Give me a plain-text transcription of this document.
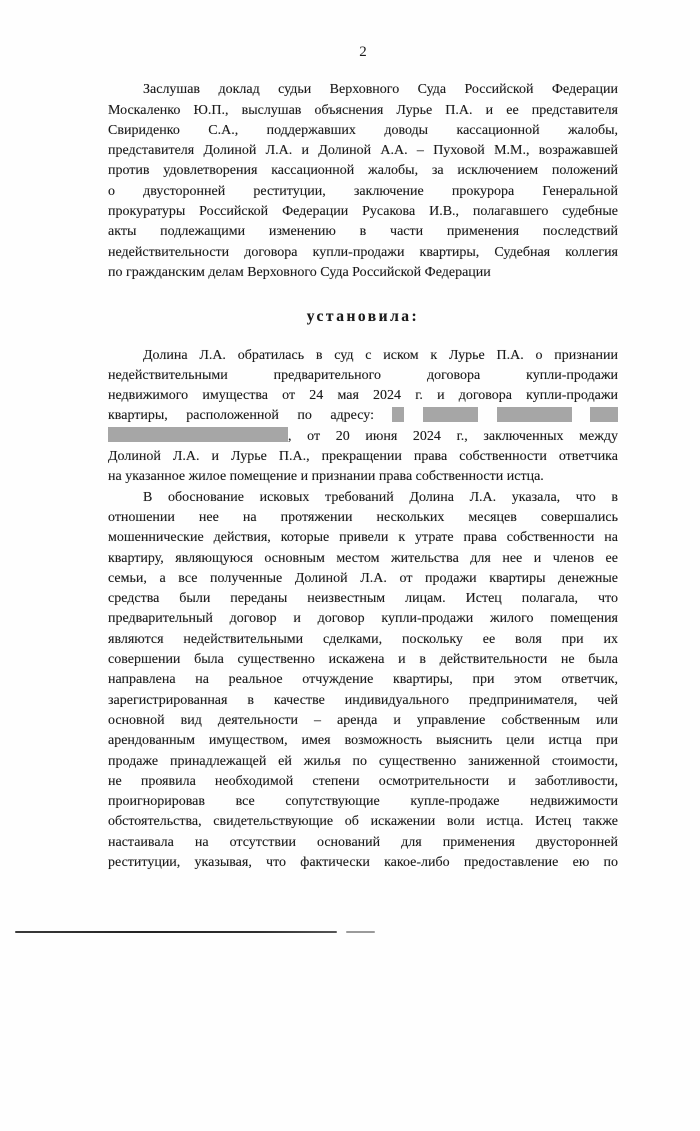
2
Заслушав доклад судьи Верховного Суда Российской Федерации
Москаленко Ю.П., выслушав объяснения Лурье П.А. и ее представителя
Свириденко С.А., поддержавших доводы кассационной жалобы,
представителя Долиной Л.А. и Долиной А.А. – Пуховой М.М., возражавшей
против удовлетворения кассационной жалобы, за исключением положений
о двусторонней реституции, заключение прокурора Генеральной
прокуратуры Российской Федерации Русакова И.В., полагавшего судебные
акты подлежащими изменению в части применения последствий
недействительности договора купли-продажи квартиры, Судебная коллегия
по гражданским делам Верховного Суда Российской Федерации
установила:
Долина Л.А. обратилась в суд с иском к Лурье П.А. о признании
недействительными предварительного договора купли-продажи
недвижимого имущества от 24 мая 2024 г. и договора купли-продажи
квартиры, расположенной по адресу:
, от 20 июня 2024 г., заключенных между
Долиной Л.А. и Лурье П.А., прекращении права собственности ответчика
на указанное жилое помещение и признании права собственности истца.
В обоснование исковых требований Долина Л.А. указала, что в
отношении нее на протяжении нескольких месяцев совершались
мошеннические действия, которые привели к утрате права собственности на
квартиру, являющуюся основным местом жительства для нее и членов ее
семьи, а все полученные Долиной Л.А. от продажи квартиры денежные
средства были переданы неизвестным лицам. Истец полагала, что
предварительный договор и договор купли-продажи жилого помещения
являются недействительными сделками, поскольку ее воля при их
совершении была существенно искажена и в действительности не была
направлена на реальное отчуждение квартиры, при этом ответчик,
зарегистрированная в качестве индивидуального предпринимателя, чей
основной вид деятельности – аренда и управление собственным или
арендованным имуществом, имея возможность выяснить цели истца при
продаже принадлежащей ей жилья по существенно заниженной стоимости,
не проявила необходимой степени осмотрительности и заботливости,
проигнорировав все сопутствующие купле-продаже недвижимости
обстоятельства, свидетельствующие об искажении воли истца. Истец также
настаивала на отсутствии оснований для применения двусторонней
реституции, указывая, что фактически какое-либо предоставление ею по
